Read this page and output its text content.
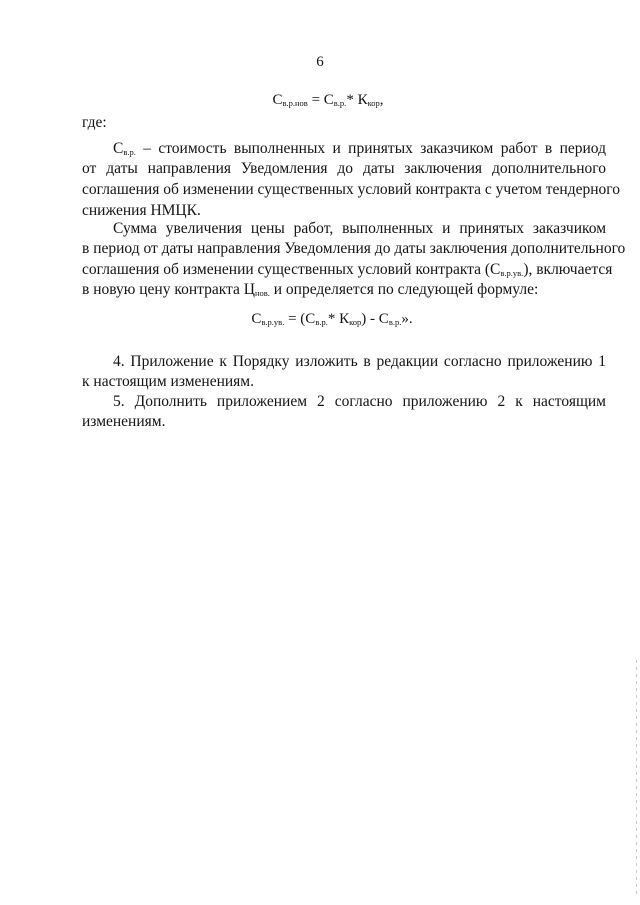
6
$С_{в.р.нов} = С_{в.р.}*$ $К_{кор}$,
где:
$С_{в.р.}$ – стоимость выполненных и принятых заказчиком работ в период
от даты направления Уведомления до даты заключения дополнительного
соглашения об изменении существенных условий контракта с учетом тендерного
снижения НМЦК.
Сумма увеличения цены работ, выполненных и принятых заказчиком
в период от даты направления Уведомления до даты заключения дополнительного
соглашения об изменении существенных условий контракта $(С_{в.р.ув.})$, включается
в новую цену контракта $Ц_{нов.}$ и определяется по следующей формуле:
$С_{в.р.ув.} = (С_{в.р.}*$ $К_{кор}) - С_{в.р.}$».
4. Приложение к Порядку изложить в редакции согласно приложению 1
к настоящим изменениям.
5. Дополнить приложением 2 согласно приложению 2 к настоящим
изменениям.
